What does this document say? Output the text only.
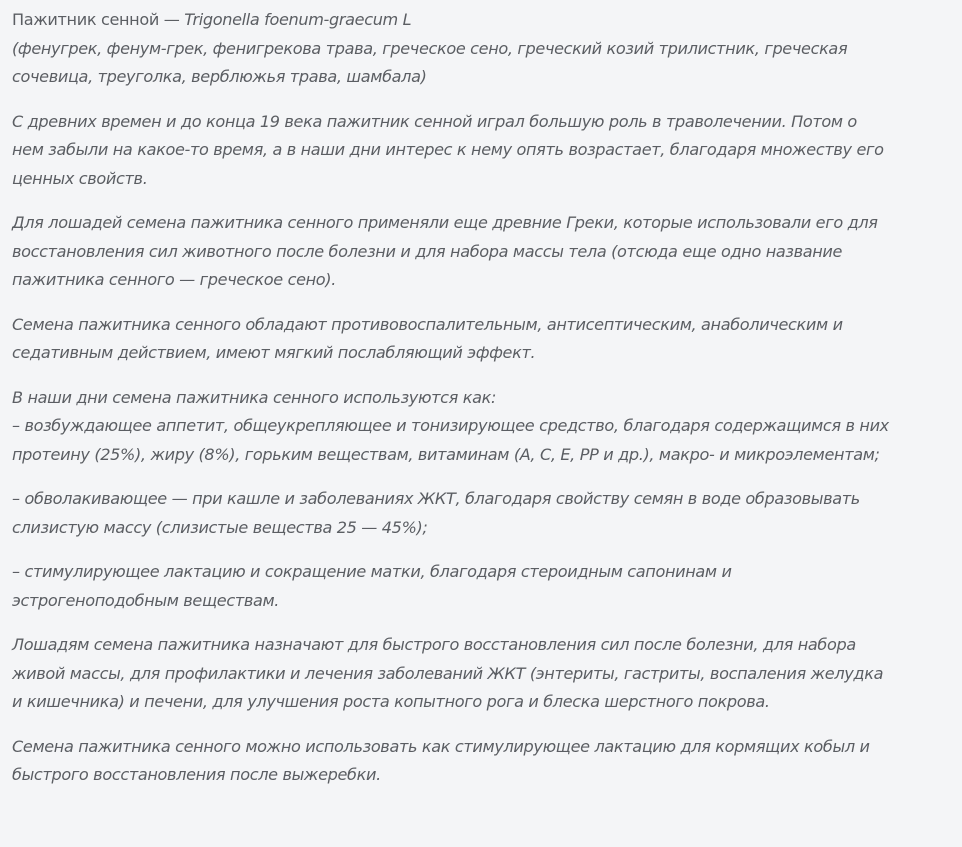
Пажитник сенной — Trigonella foenum-graecum L
(фенугрек, фенум-грек, фенигрекова трава, греческое сено, греческий козий трилистник, греческая
сочевица, треуголка, верблюжья трава, шамбала)

С древних времен и до конца 19 века пажитник сенной играл большую роль в траволечении. Потом о
нем забыли на какое-то время, а в наши дни интерес к нему опять возрастает, благодаря множеству его
ценных свойств.

Для лошадей семена пажитника сенного применяли еще древние Греки, которые использовали его для
восстановления сил животного после болезни и для набора массы тела (отсюда еще одно название
пажитника сенного — греческое сено).

Семена пажитника сенного обладают противовоспалительным, антисептическим, анаболическим и
седативным действием, имеют мягкий послабляющий эффект.

В наши дни семена пажитника сенного используются как:
– возбуждающее аппетит, общеукрепляющее и тонизирующее средство, благодаря содержащимся в них
протеину (25%), жиру (8%), горьким веществам, витаминам (А, С, Е, РР и др.), макро- и микроэлементам;

– обволакивающее — при кашле и заболеваниях ЖКТ, благодаря свойству семян в воде образовывать
слизистую массу (слизистые вещества 25 — 45%);

– стимулирующее лактацию и сокращение матки, благодаря стероидным сапонинам и
эстрогеноподобным веществам.

Лошадям семена пажитника назначают для быстрого восстановления сил после болезни, для набора
живой массы, для профилактики и лечения заболеваний ЖКТ (энтериты, гастриты, воспаления желудка
и кишечника) и печени, для улучшения роста копытного рога и блеска шерстного покрова.

Семена пажитника сенного можно использовать как стимулирующее лактацию для кормящих кобыл и
быстрого восстановления после выжеребки.
